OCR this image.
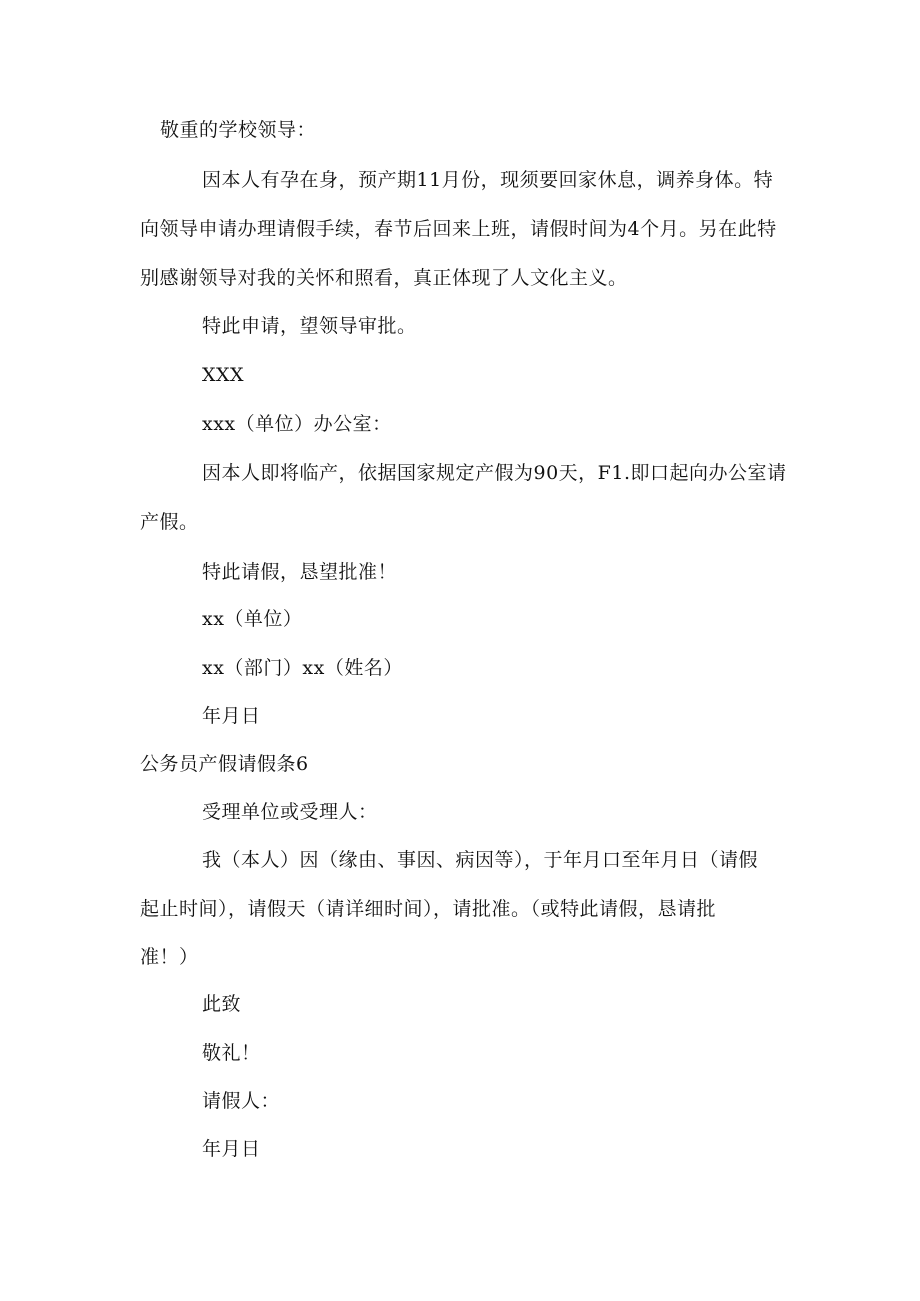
敬重的学校领导：
因本人有孕在身，预产期11月份，现须要回家休息，调养身体。特
向领导申请办理请假手续，春节后回来上班，请假时间为4个月。另在此特
别感谢领导对我的关怀和照看，真正体现了人文化主义。
特此申请，望领导审批。
XXX
xxx（单位）办公室：
因本人即将临产，依据国家规定产假为90天，F1.即口起向办公室请
产假。
特此请假，恳望批准！
xx（单位）
xx（部门）xx（姓名）
年月日
公务员产假请假条6
受理单位或受理人：
我（本人）因（缘由、事因、病因等），于年月口至年月日（请假
起止时间），请假天（请详细时间），请批准。（或特此请假，恳请批
准！）
此致
敬礼！
请假人：
年月日
